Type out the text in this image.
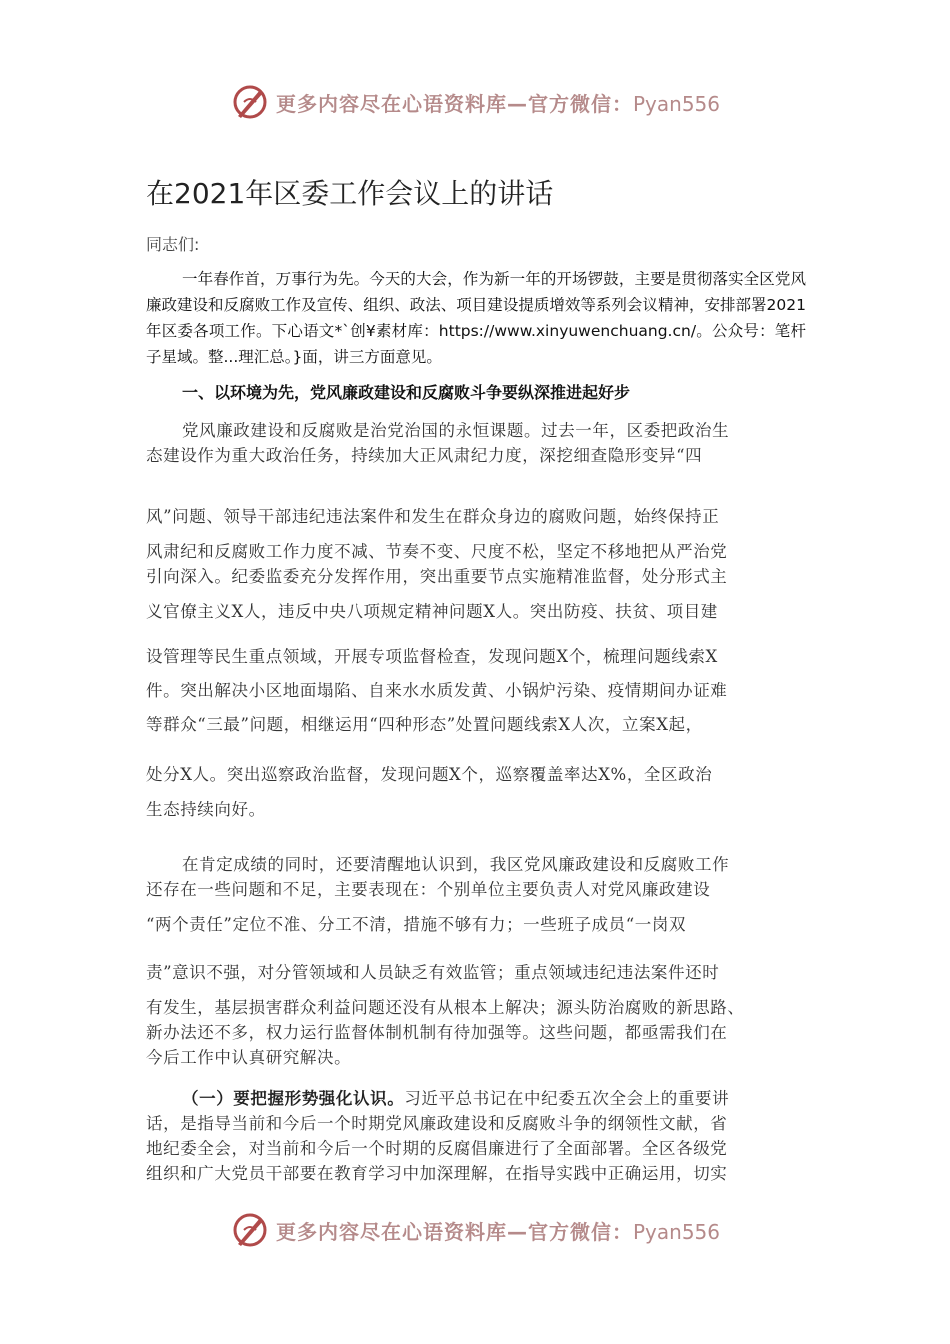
更多内容尽在心语资料库—官方微信：Pyan556
在2021年区委工作会议上的讲话
同志们:

一年春作首，万事行为先。今天的大会，作为新一年的开场锣鼓，主要是贯彻落实全区党风廉政建设和反腐败工作及宣传、组织、政法、项目建设提质增效等系列会议精神，安排部署2021年区委各项工作。下心语文*`创¥素材库：https://www.xinyuwenchuang.cn/。公众号：笔杆子星域。整...理汇总。}面，讲三方面意见。

一、以环境为先，党风廉政建设和反腐败斗争要纵深推进起好步
党风廉政建设和反腐败是治党治国的永恒课题。过去一年，区委把政治生
态建设作为重大政治任务，持续加大正风肃纪力度，深挖细查隐形变异“四
风”问题、领导干部违纪违法案件和发生在群众身边的腐败问题，始终保持正
风肃纪和反腐败工作力度不减、节奏不变、尺度不松，坚定不移地把从严治党
引向深入。纪委监委充分发挥作用，突出重要节点实施精准监督，处分形式主
义官僚主义X人，违反中央八项规定精神问题X人。突出防疫、扶贫、项目建
设管理等民生重点领域，开展专项监督检查，发现问题X个，梳理问题线索X
件。突出解决小区地面塌陷、自来水水质发黄、小锅炉污染、疫情期间办证难
等群众“三最”问题，相继运用“四种形态”处置问题线索X人次，立案X起，
处分X人。突出巡察政治监督，发现问题X个，巡察覆盖率达X%，全区政治
生态持续向好。
在肯定成绩的同时，还要清醒地认识到，我区党风廉政建设和反腐败工作
还存在一些问题和不足，主要表现在：个别单位主要负责人对党风廉政建设
“两个责任”定位不准、分工不清，措施不够有力；一些班子成员“一岗双
责”意识不强，对分管领域和人员缺乏有效监管；重点领域违纪违法案件还时
有发生，基层损害群众利益问题还没有从根本上解决；源头防治腐败的新思路、
新办法还不多，权力运行监督体制机制有待加强等。这些问题，都亟需我们在
今后工作中认真研究解决。
（一）要把握形势强化认识。习近平总书记在中纪委五次全会上的重要讲
话，是指导当前和今后一个时期党风廉政建设和反腐败斗争的纲领性文献，省
地纪委全会，对当前和今后一个时期的反腐倡廉进行了全面部署。全区各级党
组织和广大党员干部要在教育学习中加深理解，在指导实践中正确运用，切实
更多内容尽在心语资料库—官方微信：Pyan556
